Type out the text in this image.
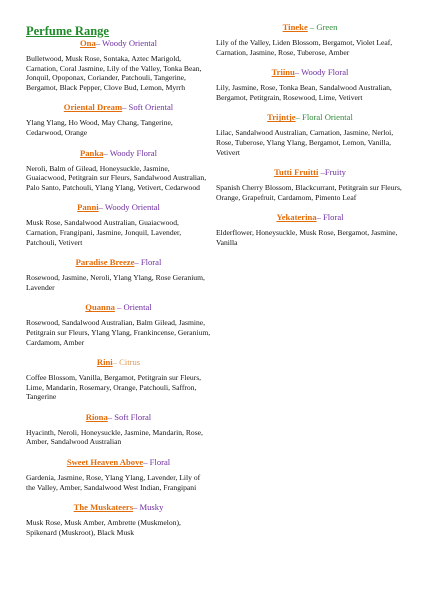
Perfume Range
Ona– Woody Oriental
Bulletwood, Musk Rose, Sontaka, Aztec Marigold, Carnation, Coral Jasmine, Lily of the Valley, Tonka Bean, Jonquil, Opoponax, Coriander, Patchouli, Tangerine, Bergamot, Black Pepper, Clove Bud, Lemon, Myrrh
Oriental Dream– Soft Oriental
Ylang Ylang, Ho Wood, May Chang, Tangerine, Cedarwood, Orange
Panka– Woody Floral
Neroli, Balm of Gilead, Honeysuckle, Jasmine, Guaiacwood, Petitgrain sur Fleurs, Sandalwood Australian, Palo Santo, Patchouli, Ylang Ylang, Vetivert, Cedarwood
Panni– Woody Oriental
Musk Rose, Sandalwood Australian, Guaiacwood, Carnation, Frangipani, Jasmine, Jonquil, Lavender, Patchouli, Vetivert
Paradise Breeze– Floral
Rosewood, Jasmine, Neroli, Ylang Ylang, Rose Geranium, Lavender
Quanna – Oriental
Rosewood, Sandalwood Australian, Balm Gilead, Jasmine, Petitgrain sur Fleurs, Ylang Ylang, Frankincense, Geranium, Cardamom, Amber
Rini– Citrus
Coffee Blossom, Vanilla, Bergamot, Petitgrain sur Fleurs, Lime, Mandarin, Rosemary, Orange, Patchouli, Saffron, Tangerine
Riona– Soft Floral
Hyacinth, Neroli, Honeysuckle, Jasmine, Mandarin, Rose, Amber, Sandalwood Australian
Sweet Heaven Above– Floral
Gardenia, Jasmine, Rose, Ylang Ylang, Lavender, Lily of the Valley, Amber, Sandalwood West Indian, Frangipani
The Muskateers– Musky
Musk Rose, Musk Amber, Ambrette (Muskmelon), Spikenard (Muskroot), Black Musk
Tineke – Green
Lily of the Valley, Liden Blossom, Bergamot, Violet Leaf, Carnation, Jasmine, Rose, Tuberose, Amber
Triinu– Woody Floral
Lily, Jasmine, Rose, Tonka Bean, Sandalwood Australian, Bergamot, Petitgrain, Rosewood, Lime, Vetivert
Trijntje– Floral Oriental
Lilac, Sandalwood Australian, Carnation, Jasmine, Nerloi, Rose, Tuberose, Ylang Ylang, Bergamot, Lemon, Vanilla, Vetivert
Tutti Fruitti –Fruity
Spanish Cherry Blossom, Blackcurrant, Petitgrain sur Fleurs, Orange, Grapefruit, Cardamom, Pimento Leaf
Yekaterina– Floral
Elderflower, Honeysuckle, Musk Rose, Bergamot, Jasmine, Vanilla
